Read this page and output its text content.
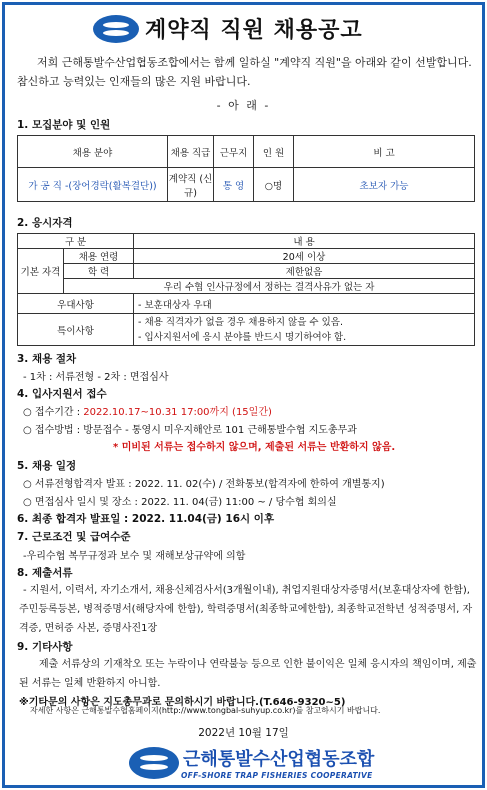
계약직 직원 채용공고

저희 근해통발수산업협동조합에서는 함께 일하실 "계약직 직원"을 아래와 같이 선발합니다. 참신하고 능력있는 인재들의 많은 지원 바랍니다.

- 아 래 -
1. 모집분야 및 인원
채용 분야	채용 직급	근무지	인 원	비 고
가 공 직 -(장어경락(활복결단))	계약직 (신규)	통 영	○명	초보자 가능
2. 응시자격
구 분		내 용
기본 자격	채용 연령	20세 이상
	학 력	제한없음
	우리 수협 인사규정에서 정하는 결격사유가 없는 자	
우대사항		- 보훈대상자 우대
특이사항		- 채용 직격자가 없을 경우 채용하지 않을 수 있음.
- 입사지원서에 응시 분야를 반드시 명기하여야 함.
3. 채용 절차
- 1차 : 서류전형 - 2차 : 면접심사
4. 입사지원서 접수
○ 접수기간 : 2022.10.17~10.31 17:00까지 (15일간)
○ 접수방법 : 방문접수 - 통영시 미우지해안로 101 근해통발수협 지도총무과
* 미비된 서류는 접수하지 않으며, 제출된 서류는 반환하지 않음.
5. 채용 일정
○ 서류전형합격자 발표 : 2022. 11. 02(수) / 전화통보(합격자에 한하여 개별통지)
○ 면접심사 일시 및 장소 : 2022. 11. 04(금) 11:00 ~ / 당수협 회의실
6. 최종 합격자 발표일 : 2022. 11.04(금) 16시 이후
7. 근로조건 및 급여수준
-우리수협 복무규정과 보수 및 재해보상규약에 의함
8. 제출서류
- 지원서, 이력서, 자기소개서, 채용신체검사서(3개월이내), 취업지원대상자증명서(보훈대상자에 한함), 주민등록등본, 병적증명서(해당자에 한함), 학력증명서(최종학교에한함), 최종학교전학년 성적증명서, 자격증, 면허증 사본, 증명사진1장
9. 기타사항
제출 서류상의 기재착오 또는 누락이나 연락불능 등으로 인한 불이익은 일체 응시자의 책임이며, 제출된 서류는 일체 반환하지 아니함.
※기타문의 사항은 지도총무과로 문의하시기 바랍니다.(T.646-9320~5)
2022년 10월 17일
근해통발수산업협동조합
OFF-SHORE TRAP FISHERIES COOPERATIVE
자세한 사항은 근해통발수협홈페이지(http://www.tongbal-suhyup.co.kr)를 참고하시기 바랍니다.
